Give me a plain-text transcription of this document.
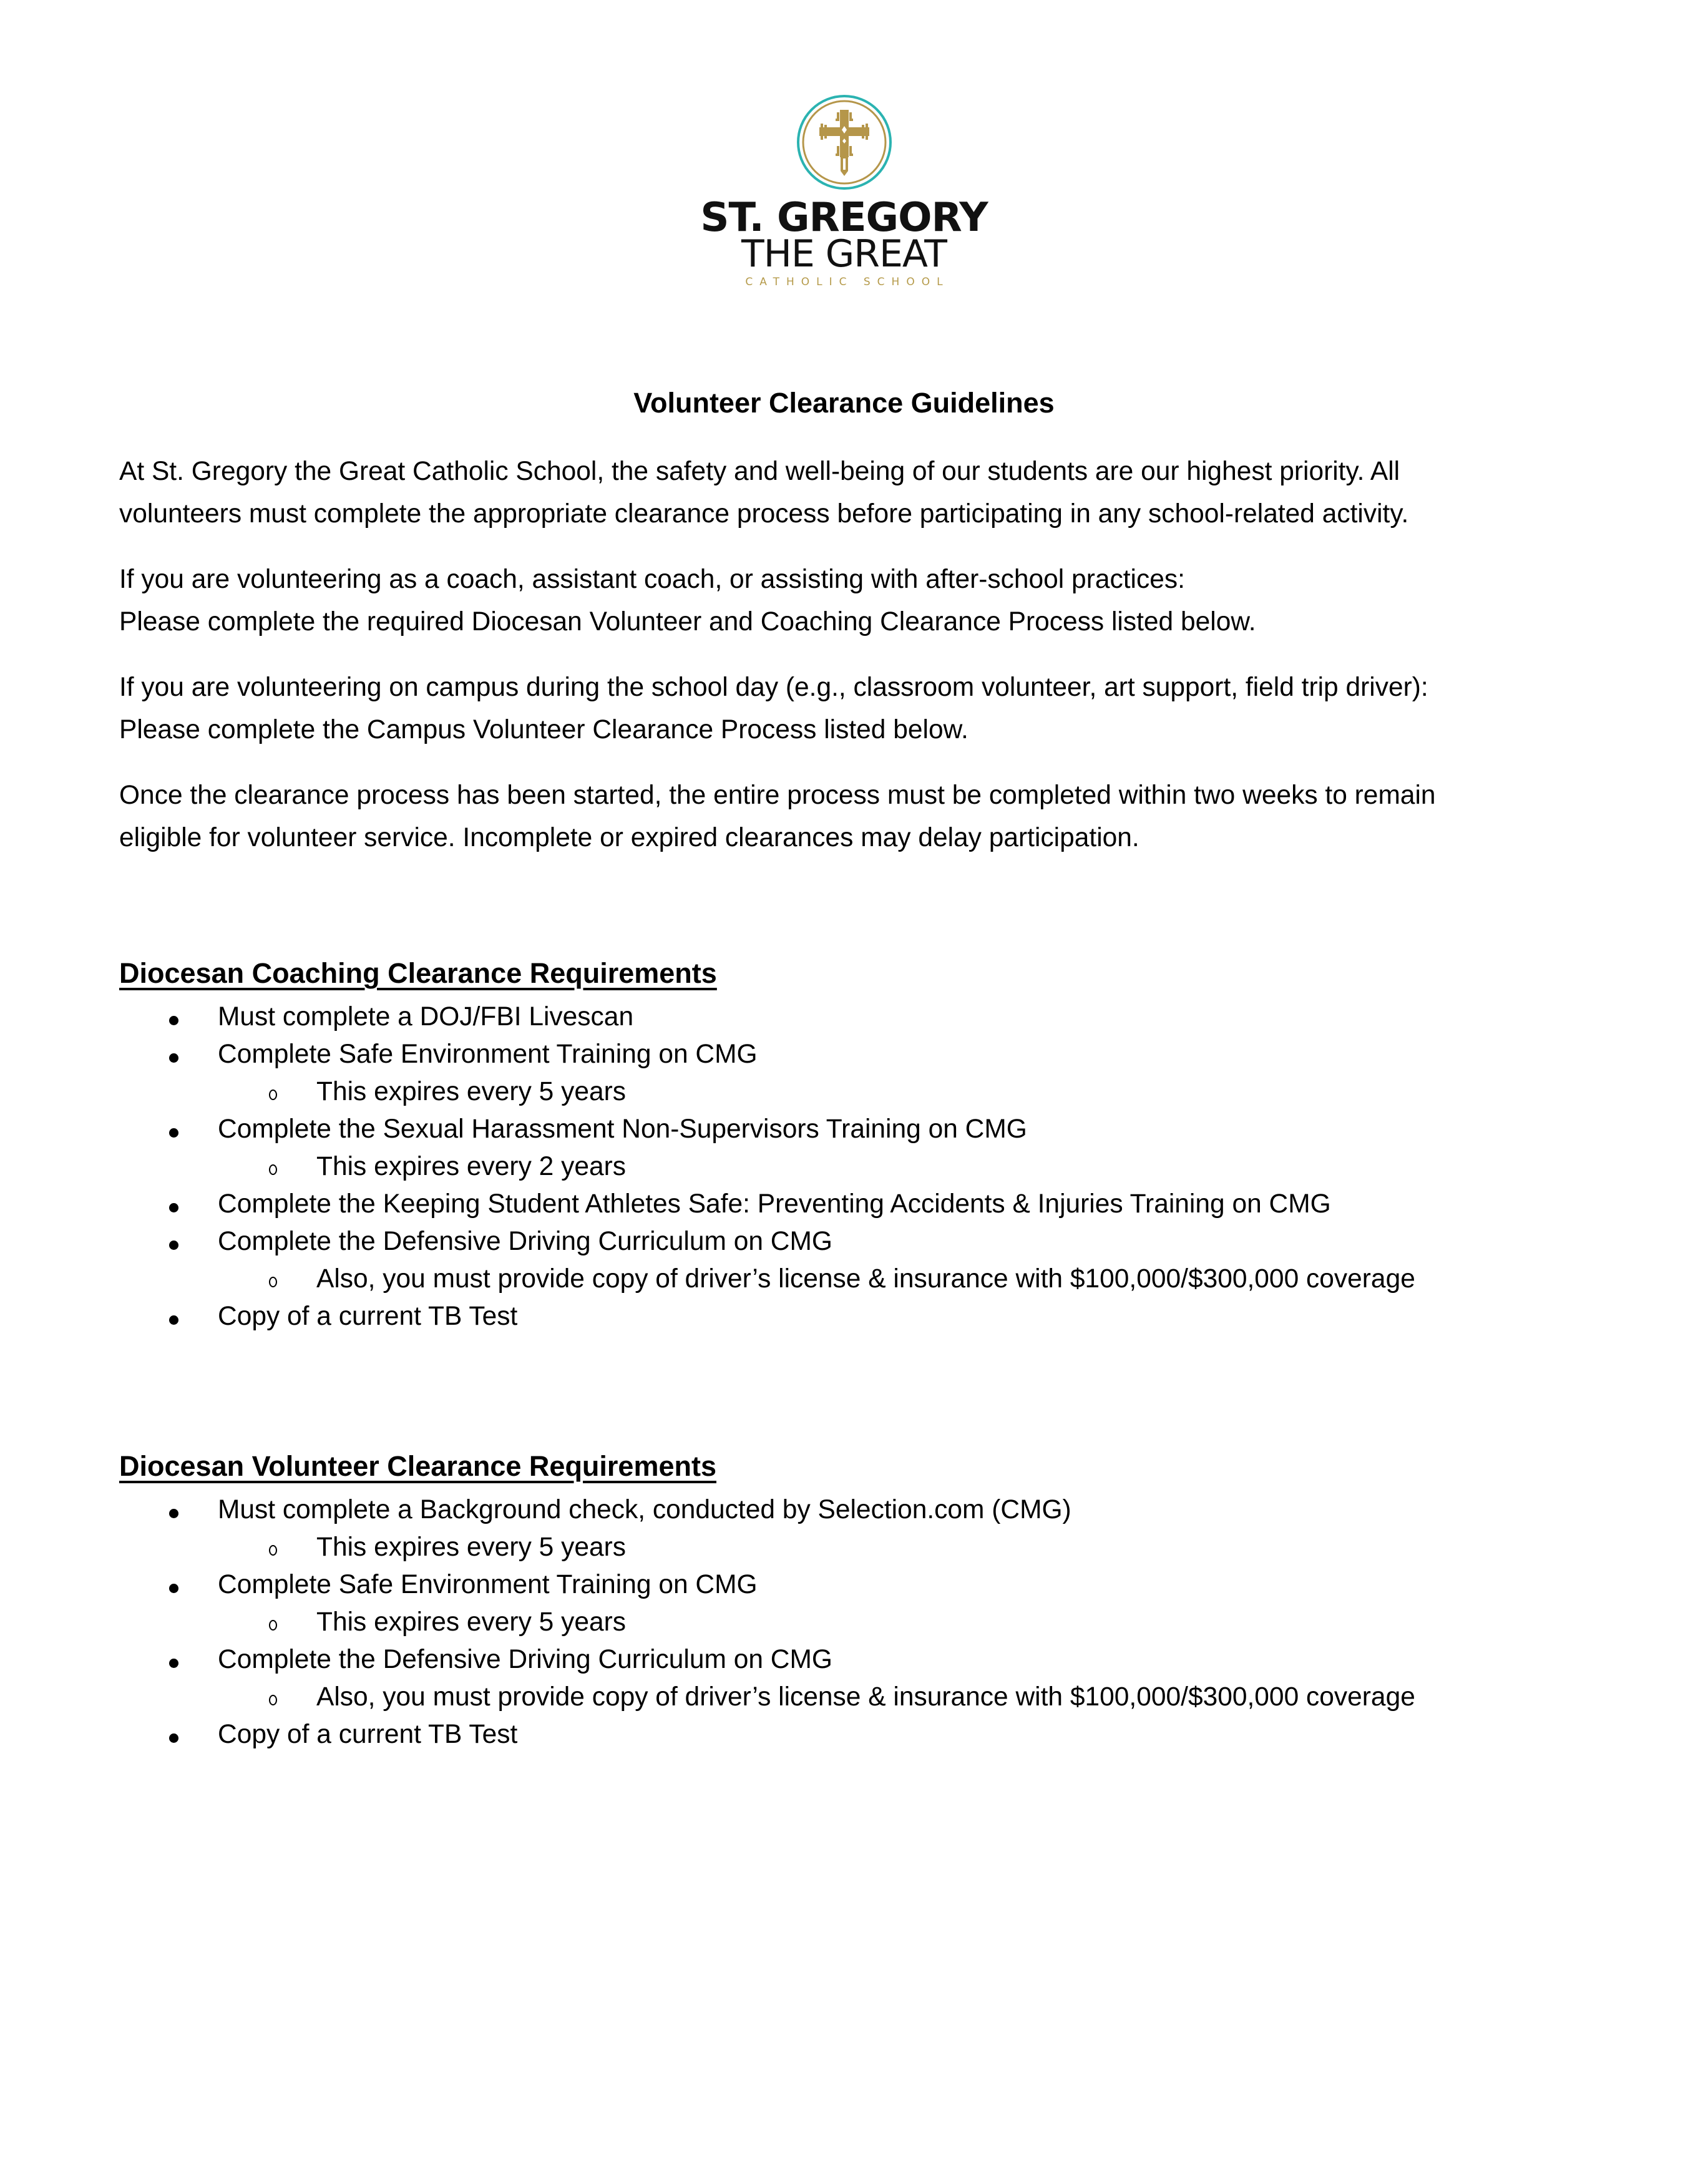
ST. GREGORY
THE GREAT
CATHOLIC SCHOOL
Volunteer Clearance Guidelines

At St. Gregory the Great Catholic School, the safety and well-being of our students are our highest priority. All
volunteers must complete the appropriate clearance process before participating in any school-related activity.

If you are volunteering as a coach, assistant coach, or assisting with after-school practices:
Please complete the required Diocesan Volunteer and Coaching Clearance Process listed below.

If you are volunteering on campus during the school day (e.g., classroom volunteer, art support, field trip driver):
Please complete the Campus Volunteer Clearance Process listed below.

Once the clearance process has been started, the entire process must be completed within two weeks to remain
eligible for volunteer service. Incomplete or expired clearances may delay participation.

Diocesan Coaching Clearance Requirements
Must complete a DOJ/FBI Livescan
Complete Safe Environment Training on CMG
This expires every 5 years
Complete the Sexual Harassment Non-Supervisors Training on CMG
This expires every 2 years
Complete the Keeping Student Athletes Safe: Preventing Accidents & Injuries Training on CMG
Complete the Defensive Driving Curriculum on CMG
Also, you must provide copy of driver’s license & insurance with $100,000/$300,000 coverage
Copy of a current TB Test
Diocesan Volunteer Clearance Requirements
Must complete a Background check, conducted by Selection.com (CMG)
This expires every 5 years
Complete Safe Environment Training on CMG
This expires every 5 years
Complete the Defensive Driving Curriculum on CMG
Also, you must provide copy of driver’s license & insurance with $100,000/$300,000 coverage
Copy of a current TB Test
